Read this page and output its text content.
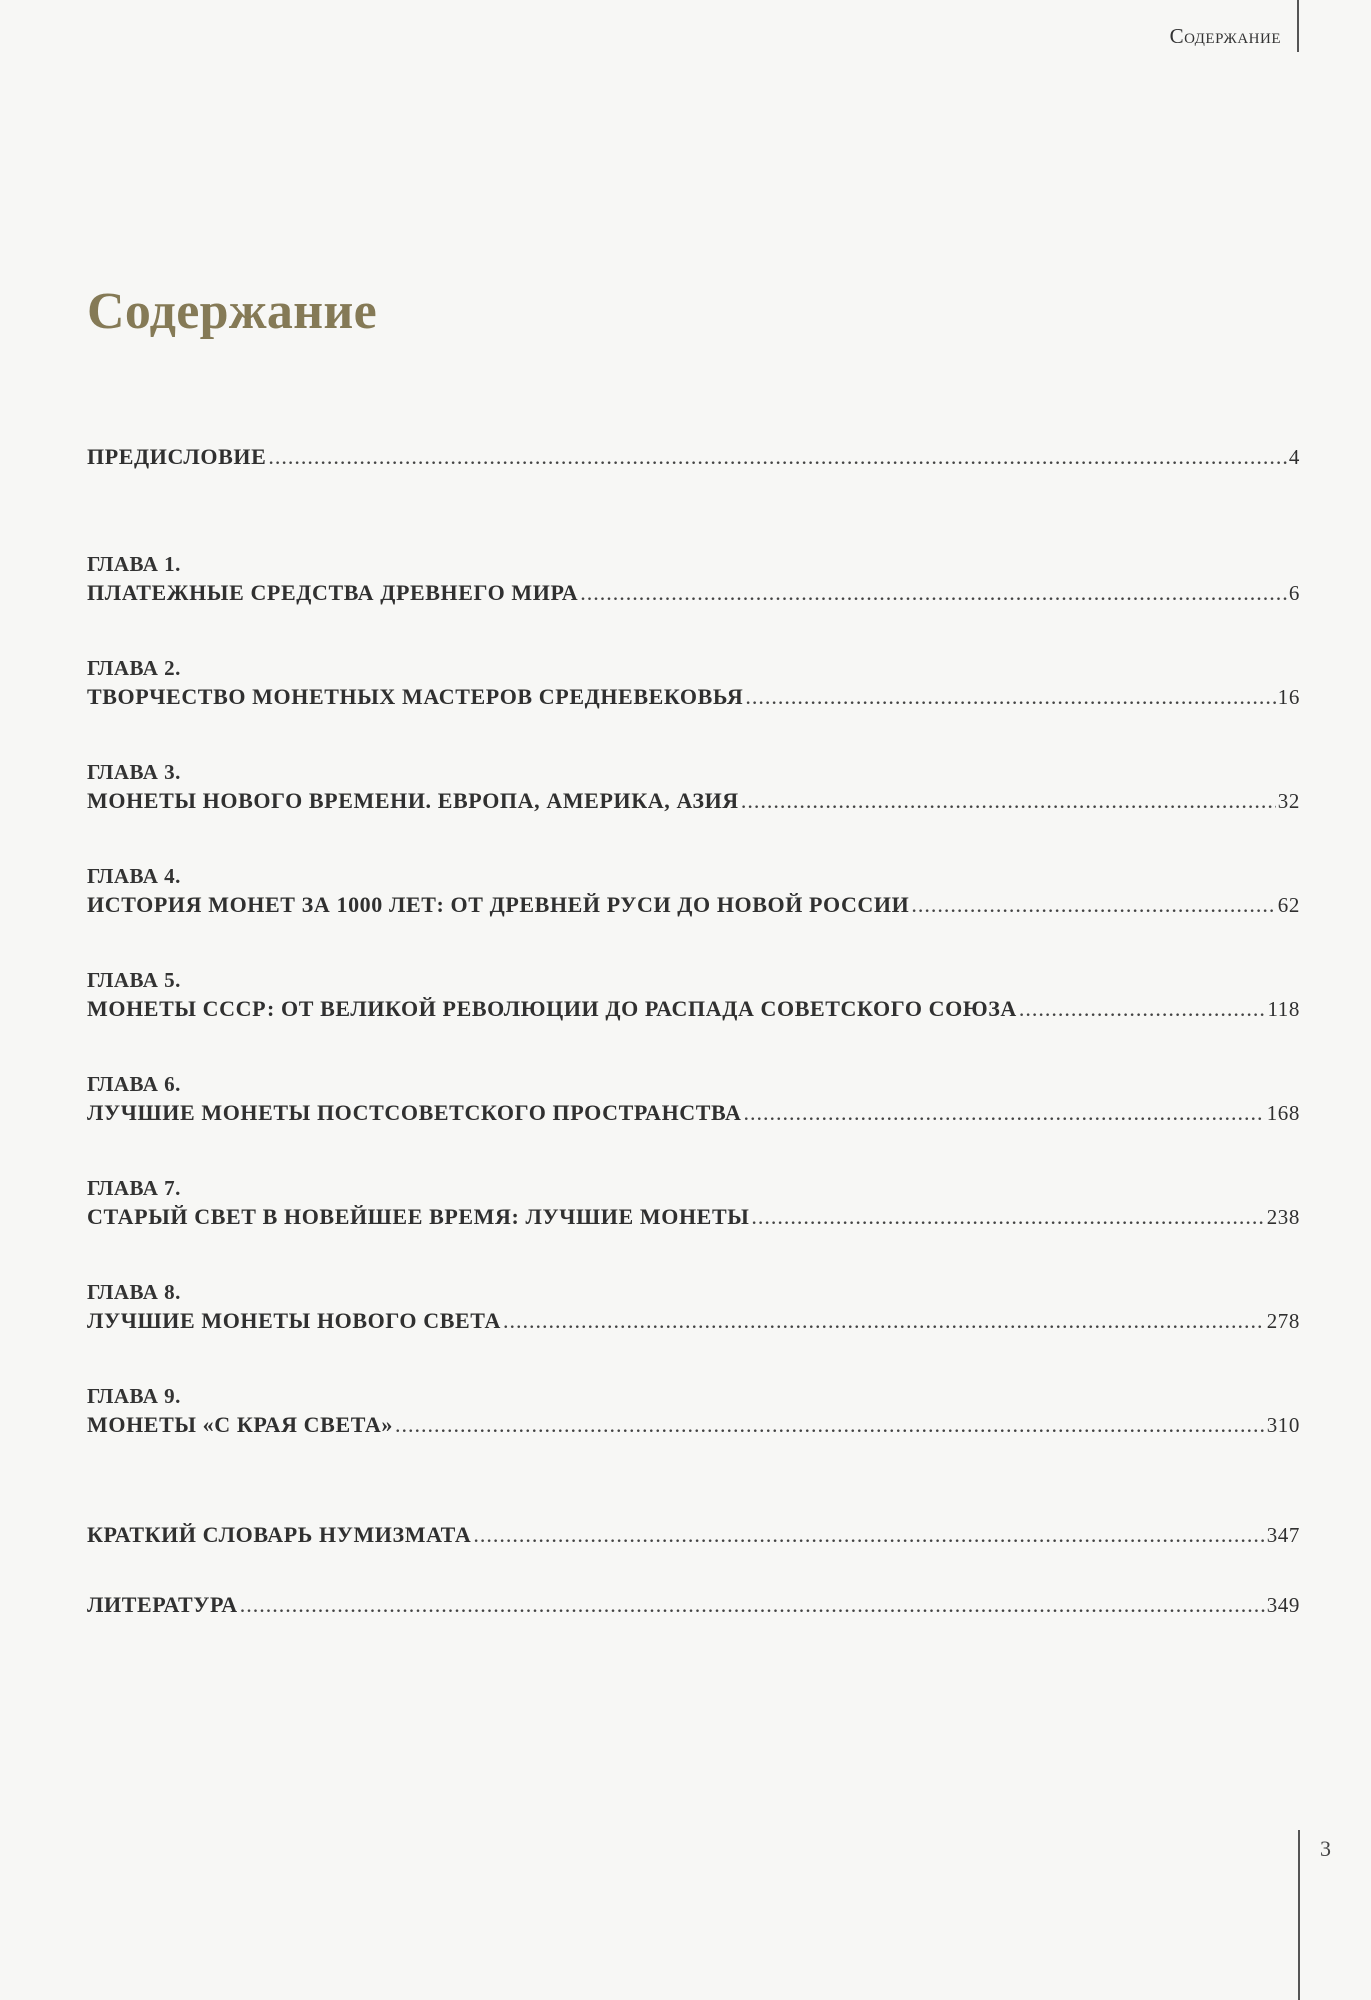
Содержание
Содержание
ПРЕДИСЛОВИЕ .....	4
ГЛАВА 1.
ПЛАТЕЖНЫЕ СРЕДСТВА ДРЕВНЕГО МИРА .....	6
ГЛАВА 2.
ТВОРЧЕСТВО МОНЕТНЫХ МАСТЕРОВ СРЕДНЕВЕКОВЬЯ .....	16
ГЛАВА 3.
МОНЕТЫ НОВОГО ВРЕМЕНИ. ЕВРОПА, АМЕРИКА, АЗИЯ .....	32
ГЛАВА 4.
ИСТОРИЯ МОНЕТ ЗА 1000 ЛЕТ: ОТ ДРЕВНЕЙ РУСИ ДО НОВОЙ РОССИИ .....	62
ГЛАВА 5.
МОНЕТЫ СССР: ОТ ВЕЛИКОЙ РЕВОЛЮЦИИ ДО РАСПАДА СОВЕТСКОГО СОЮЗА .....	118
ГЛАВА 6.
ЛУЧШИЕ МОНЕТЫ ПОСТСОВЕТСКОГО ПРОСТРАНСТВА .....	168
ГЛАВА 7.
СТАРЫЙ СВЕТ В НОВЕЙШЕЕ ВРЕМЯ: ЛУЧШИЕ МОНЕТЫ .....	238
ГЛАВА 8.
ЛУЧШИЕ МОНЕТЫ НОВОГО СВЕТА .....	278
ГЛАВА 9.
МОНЕТЫ «С КРАЯ СВЕТА» .....	310
КРАТКИЙ СЛОВАРЬ НУМИЗМАТА .....	347
ЛИТЕРАТУРА .....	349
3
